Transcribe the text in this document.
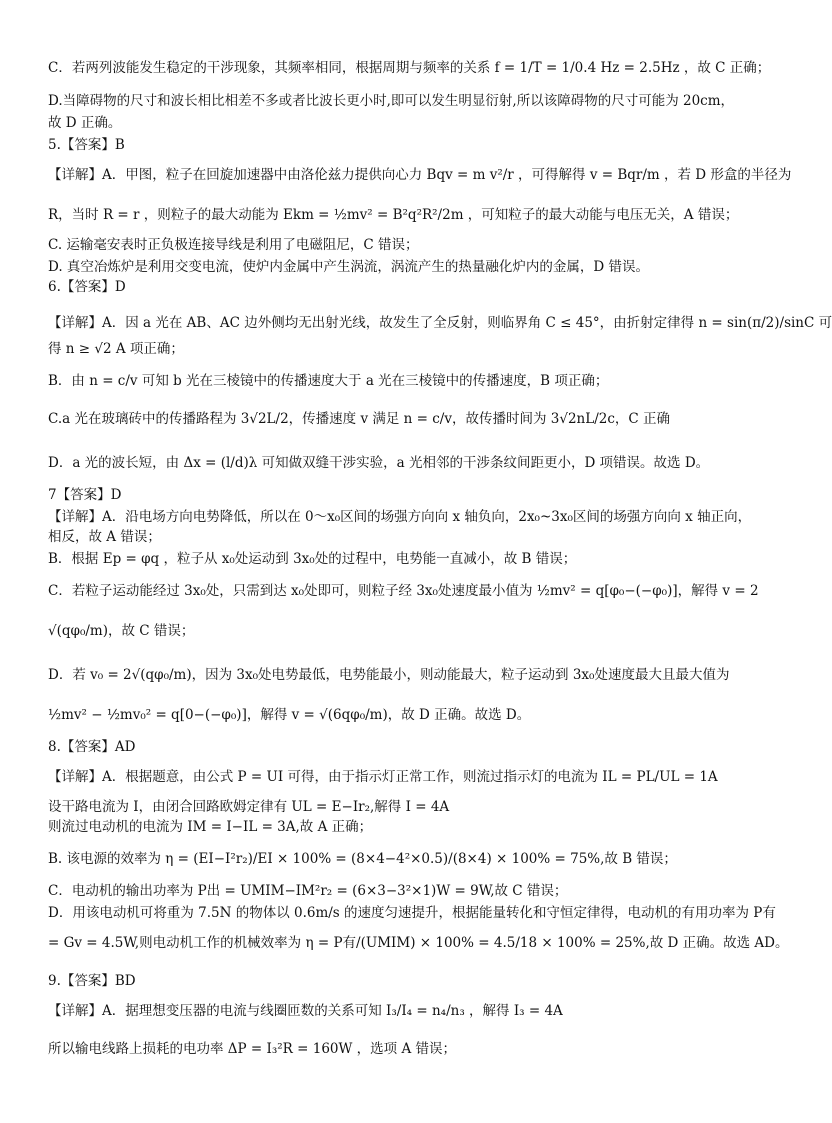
C．若两列波能发生稳定的干涉现象，其频率相同，根据周期与频率的关系 f = 1/T = 1/0.4 Hz = 2.5Hz ，故 C 正确；
D.当障碍物的尺寸和波长相比相差不多或者比波长更小时,即可以发生明显衍射,所以该障碍物的尺寸可能为 20cm，
故 D 正确。
5.【答案】B
【详解】A．甲图，粒子在回旋加速器中由洛伦兹力提供向心力 Bqv = m v²/r ，可得解得 v = Bqr/m ，若 D 形盒的半径为
R，当时 R = r ，则粒子的最大动能为 Ekm = ½mv² = B²q²R²/2m ，可知粒子的最大动能与电压无关，A 错误；
C. 运输毫安表时正负极连接导线是利用了电磁阻尼，C 错误；
D. 真空冶炼炉是利用交变电流，使炉内金属中产生涡流，涡流产生的热量融化炉内的金属，D 错误。
6.【答案】D
【详解】A．因 a 光在 AB、AC 边外侧均无出射光线，故发生了全反射，则临界角 C ≤ 45°，由折射定律得 n = sin(π/2)/sinC 可
得 n ≥ √2 A 项正确；
B．由 n = c/v 可知 b 光在三棱镜中的传播速度大于 a 光在三棱镜中的传播速度，B 项正确；
C.a 光在玻璃砖中的传播路程为 3√2L/2，传播速度 v 满足 n = c/v，故传播时间为 3√2nL/2c，C 正确
D．a 光的波长短，由 Δx = (l/d)λ 可知做双缝干涉实验，a 光相邻的干涉条纹间距更小，D 项错误。故选 D。
7【答案】D
【详解】A．沿电场方向电势降低，所以在 0～x₀区间的场强方向向 x 轴负向，2x₀~3x₀区间的场强方向向 x 轴正向，
相反，故 A 错误；
B．根据 Ep = φq ，粒子从 x₀处运动到 3x₀处的过程中，电势能一直减小，故 B 错误；
C．若粒子运动能经过 3x₀处，只需到达 x₀处即可，则粒子经 3x₀处速度最小值为 ½mv² = q[φ₀−(−φ₀)]，解得 v = 2
√(qφ₀/m)，故 C 错误；
D．若 v₀ = 2√(qφ₀/m)，因为 3x₀处电势最低，电势能最小，则动能最大，粒子运动到 3x₀处速度最大且最大值为
½mv² − ½mv₀² = q[0−(−φ₀)]，解得 v = √(6qφ₀/m)，故 D 正确。故选 D。
8.【答案】AD
【详解】A．根据题意，由公式 P = UI 可得，由于指示灯正常工作，则流过指示灯的电流为 IL = PL/UL = 1A
设干路电流为 I，由闭合回路欧姆定律有 UL = E−Ir₂,解得 I = 4A
则流过电动机的电流为 IM = I−IL = 3A,故 A 正确；
B. 该电源的效率为 η = (EI−I²r₂)/EI × 100% = (8×4−4²×0.5)/(8×4) × 100% = 75%,故 B 错误；
C．电动机的输出功率为 P出 = UMIM−IM²r₂ = (6×3−3²×1)W = 9W,故 C 错误；
D．用该电动机可将重为 7.5N 的物体以 0.6m/s 的速度匀速提升，根据能量转化和守恒定律得，电动机的有用功率为 P有
= Gv = 4.5W,则电动机工作的机械效率为 η = P有/(UMIM) × 100% = 4.5/18 × 100% = 25%,故 D 正确。故选 AD。
9.【答案】BD
【详解】A．据理想变压器的电流与线圈匝数的关系可知 I₃/I₄ = n₄/n₃ ，解得 I₃ = 4A
所以输电线路上损耗的电功率 ΔP = I₃²R = 160W ，选项 A 错误；
